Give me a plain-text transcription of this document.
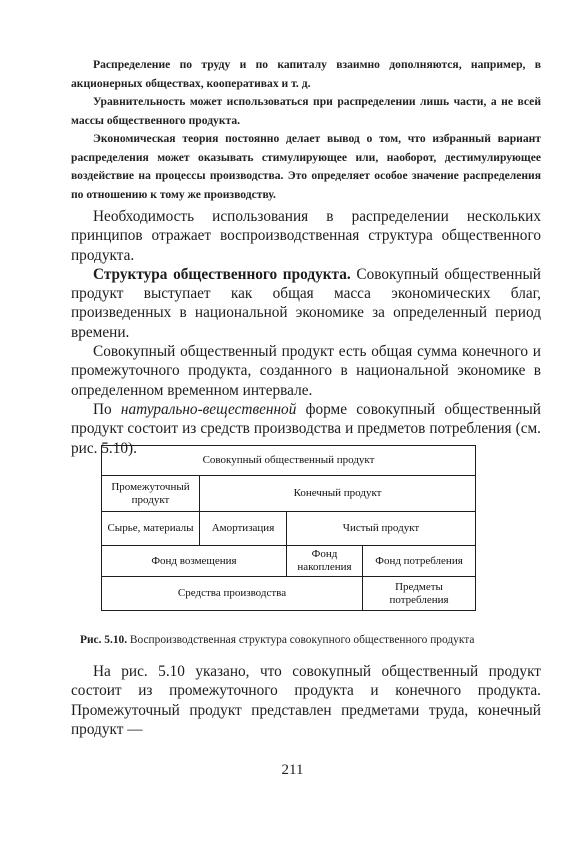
Распределение по труду и по капиталу взаимно дополняются, например, в акционерных обществах, кооперативах и т. д.

Уравнительность может использоваться при распределении лишь части, а не всей массы общественного продукта.

Экономическая теория постоянно делает вывод о том, что избранный вариант распределения может оказывать стимулирующее или, наоборот, дестимулирующее воздействие на процессы производства. Это определяет особое значение распределения по отношению к тому же производству.

Необходимость использования в распределении нескольких принципов отражает воспроизводственная структура общественного продукта.

Структура общественного продукта. Совокупный общественный продукт выступает как общая масса экономических благ, произведенных в национальной экономике за определенный период времени.

Совокупный общественный продукт есть общая сумма конечного и промежуточного продукта, созданного в национальной экономике в определенном временном интервале.

По натурально-вещественной форме совокупный общественный продукт состоит из средств производства и предметов потребления (см. рис. 5.10).

Совокупный общественный продукт			
Промежуточный продукт	Конечный продукт		
Сырье, материалы	Амортизация	Чистый продукт	
Фонд возмещения		Фонд накопления	Фонд потребления
Средства производства			Предметы потребления
Рис. 5.10. Воспроизводственная структура совокупного общественного продукта

На рис. 5.10 указано, что совокупный общественный продукт состоит из промежуточного продукта и конечного продукта. Промежуточный продукт представлен предметами труда, конечный продукт —

211
